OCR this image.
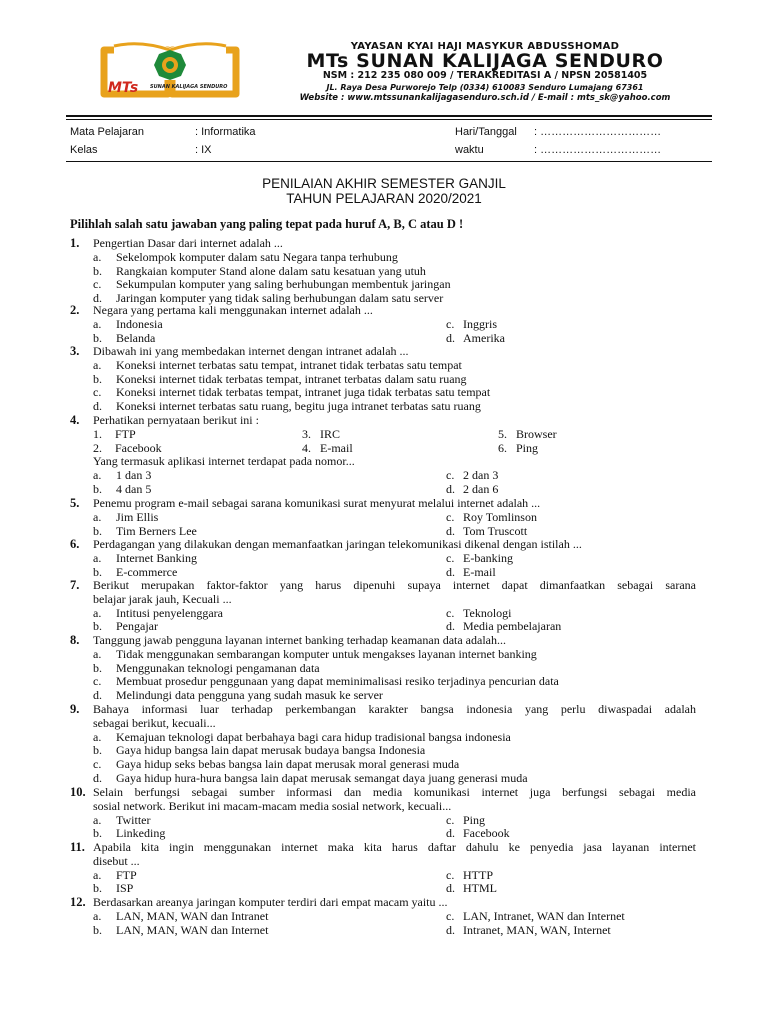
MTs SUNAN KALIJAGA SENDURO
YAYASAN KYAI HAJI MASYKUR ABDUSSHOMAD
MTs SUNAN KALIJAGA SENDURO
NSM : 212 235 080 009 / TERAKREDITASI A / NPSN 20581405
JL. Raya Desa Purworejo Telp (0334) 610083 Senduro Lumajang 67361
Website : www.mtssunankalijagasenduro.sch.id / E-mail : mts_sk@yahoo.com
Mata Pelajaran	: Informatika	Hari/Tanggal : ……………………………
Kelas	: IX	waktu	: ……………………………
PENILAIAN AKHIR SEMESTER GANJIL
TAHUN PELAJARAN 2020/2021
Pilihlah salah satu jawaban yang paling tepat pada huruf A, B, C atau D !
1. Pengertian Dasar dari internet adalah ...
a. Sekelompok komputer dalam satu Negara tanpa terhubung
b. Rangkaian komputer Stand alone dalam satu kesatuan yang utuh
c. Sekumpulan komputer yang saling berhubungan membentuk jaringan
d. Jaringan komputer yang tidak saling berhubungan dalam satu server
2. Negara yang pertama kali menggunakan internet adalah ...
a. Indonesia	c. Inggris
b. Belanda	d. Amerika
3. Dibawah ini yang membedakan internet dengan intranet adalah ...
a. Koneksi internet terbatas satu tempat, intranet tidak terbatas satu tempat
b. Koneksi internet tidak terbatas tempat, intranet terbatas dalam satu ruang
c. Koneksi internet tidak terbatas tempat, intranet juga tidak terbatas satu tempat
d. Koneksi internet terbatas satu ruang, begitu juga intranet terbatas satu ruang
4. Perhatikan pernyataan berikut ini :
1. FTP	3. IRC	5. Browser
2. Facebook	4. E-mail	6. Ping
Yang termasuk aplikasi internet terdapat pada nomor...
a. 1 dan 3	c. 2 dan 3
b. 4 dan 5	d. 2 dan 6
5. Penemu program e-mail sebagai sarana komunikasi surat menyurat melalui internet adalah ...
a. Jim Ellis	c. Roy Tomlinson
b. Tim Berners Lee	d. Tom Truscott
6. Perdagangan yang dilakukan dengan memanfaatkan jaringan telekomunikasi dikenal dengan istilah ...
a. Internet Banking	c. E-banking
b. E-commerce	d. E-mail
7. Berikut merupakan faktor-faktor yang harus dipenuhi supaya internet dapat dimanfaatkan sebagai sarana
belajar jarak jauh, Kecuali ...
a. Intitusi penyelenggara	c. Teknologi
b. Pengajar	d. Media pembelajaran
8. Tanggung jawab pengguna layanan internet banking terhadap keamanan data adalah...
a. Tidak menggunakan sembarangan komputer untuk mengakses layanan internet banking
b. Menggunakan teknologi pengamanan data
c. Membuat prosedur penggunaan yang dapat meminimalisasi resiko terjadinya pencurian data
d. Melindungi data pengguna yang sudah masuk ke server
9. Bahaya informasi luar terhadap perkembangan karakter bangsa indonesia yang perlu diwaspadai adalah
sebagai berikut, kecuali...
a. Kemajuan teknologi dapat berbahaya bagi cara hidup tradisional bangsa indonesia
b. Gaya hidup bangsa lain dapat merusak budaya bangsa Indonesia
c. Gaya hidup seks bebas bangsa lain dapat merusak moral generasi muda
d. Gaya hidup hura-hura bangsa lain dapat merusak semangat daya juang generasi muda
10. Selain berfungsi sebagai sumber informasi dan media komunikasi internet juga berfungsi sebagai media
sosial network. Berikut ini macam-macam media sosial network, kecuali...
a. Twitter	c. Ping
b. Linkeding	d. Facebook
11. Apabila kita ingin menggunakan internet maka kita harus daftar dahulu ke penyedia jasa layanan internet
disebut ...
a. FTP	c. HTTP
b. ISP	d. HTML
12. Berdasarkan areanya jaringan komputer terdiri dari empat macam yaitu ...
a. LAN, MAN, WAN dan Intranet	c. LAN, Intranet, WAN dan Internet
b. LAN, MAN, WAN dan Internet	d. Intranet, MAN, WAN, Internet
